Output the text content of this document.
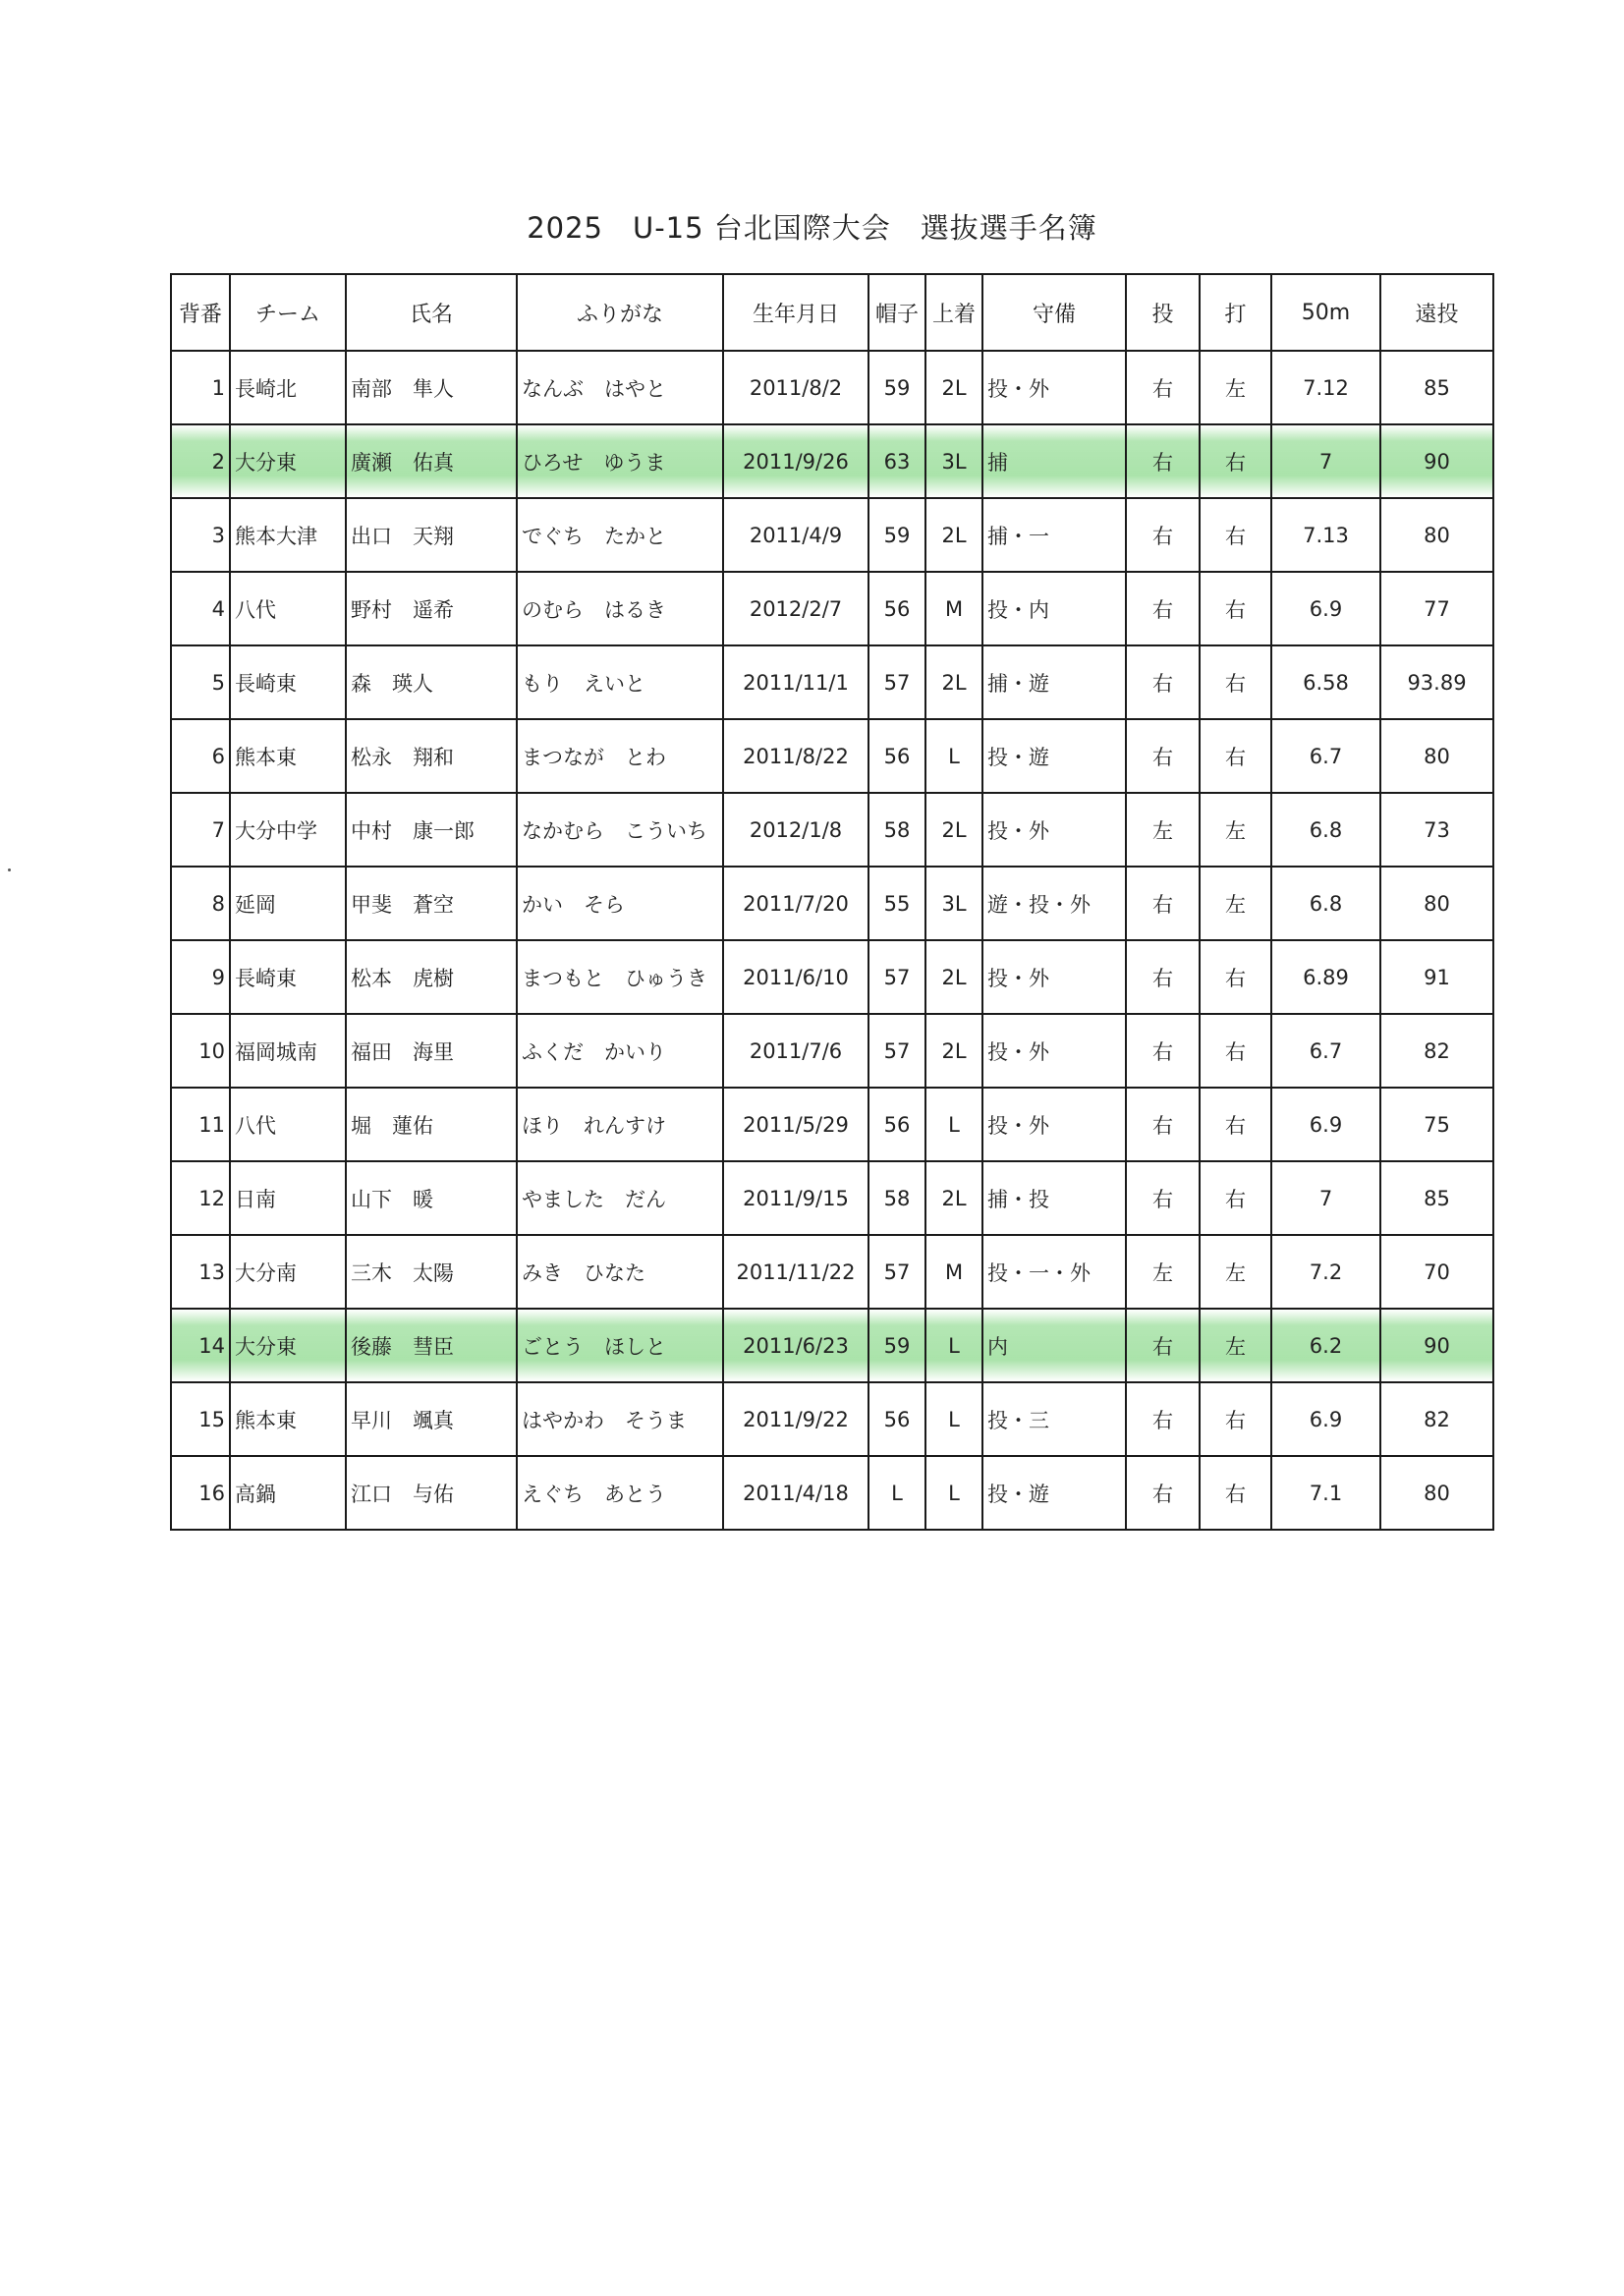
2025　U-15 台北国際大会　選抜選手名簿
背番	チーム	氏名	ふりがな	生年月日	帽子	上着	守備	投	打	50m	遠投
1	長崎北	南部　隼人	なんぶ　はやと	2011/8/2	59	2L	投・外	右	左	7.12	85
2	大分東	廣瀬　佑真	ひろせ　ゆうま	2011/9/26	63	3L	捕	右	右	7	90
3	熊本大津	出口　天翔	でぐち　たかと	2011/4/9	59	2L	捕・一	右	右	7.13	80
4	八代	野村　遥希	のむら　はるき	2012/2/7	56	M	投・内	右	右	6.9	77
5	長崎東	森　瑛人	もり　えいと	2011/11/1	57	2L	捕・遊	右	右	6.58	93.89
6	熊本東	松永　翔和	まつなが　とわ	2011/8/22	56	L	投・遊	右	右	6.7	80
7	大分中学	中村　康一郎	なかむら　こういち	2012/1/8	58	2L	投・外	左	左	6.8	73
8	延岡	甲斐　蒼空	かい　そら	2011/7/20	55	3L	遊・投・外	右	左	6.8	80
9	長崎東	松本　虎樹	まつもと　ひゅうき	2011/6/10	57	2L	投・外	右	右	6.89	91
10	福岡城南	福田　海里	ふくだ　かいり	2011/7/6	57	2L	投・外	右	右	6.7	82
11	八代	堀　蓮佑	ほり　れんすけ	2011/5/29	56	L	投・外	右	右	6.9	75
12	日南	山下　暖	やました　だん	2011/9/15	58	2L	捕・投	右	右	7	85
13	大分南	三木　太陽	みき　ひなた	2011/11/22	57	M	投・一・外	左	左	7.2	70
14	大分東	後藤　彗臣	ごとう　ほしと	2011/6/23	59	L	内	右	左	6.2	90
15	熊本東	早川　颯真	はやかわ　そうま	2011/9/22	56	L	投・三	右	右	6.9	82
16	高鍋	江口　与佑	えぐち　あとう	2011/4/18	L	L	投・遊	右	右	7.1	80
